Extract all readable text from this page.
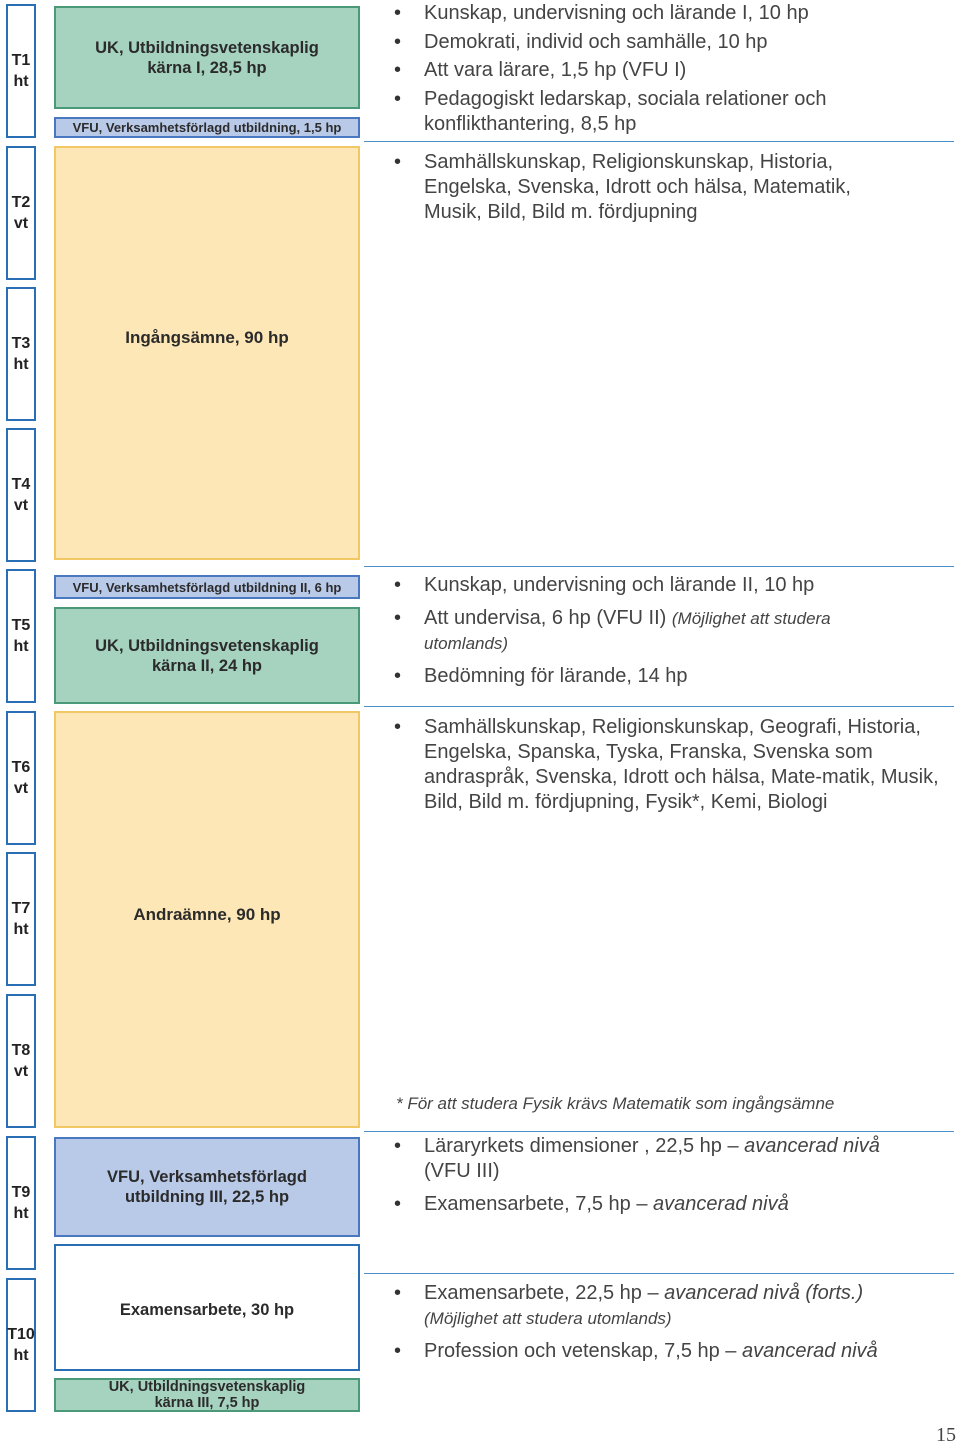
T1
ht
T2
vt
T3
ht
T4
vt
T5
ht
T6
vt
T7
ht
T8
vt
T9
ht
T10
ht
UK, Utbildningsvetenskaplig kärna I, 28,5 hp
VFU, Verksamhetsförlagd utbildning, 1,5 hp
Ingångsämne, 90 hp
VFU, Verksamhetsförlagd utbildning II, 6 hp
UK, Utbildningsvetenskaplig kärna II, 24 hp
Andraämne, 90 hp
VFU, Verksamhetsförlagd utbildning III, 22,5 hp
Examensarbete, 30 hp
UK, Utbildningsvetenskaplig kärna III, 7,5 hp
• Kunskap, undervisning och lärande I, 10 hp
• Demokrati, individ och samhälle, 10 hp
• Att vara lärare, 1,5 hp (VFU I)
• Pedagogiskt ledarskap, sociala relationer och konflikthantering, 8,5 hp
• Samhällskunskap, Religionskunskap, Historia, Engelska, Svenska, Idrott och hälsa, Matematik, Musik, Bild, Bild m. fördjupning
• Kunskap, undervisning och lärande II, 10 hp
• Att undervisa, 6 hp (VFU II) (Möjlighet att studera utomlands)
• Bedömning för lärande, 14 hp
• Samhällskunskap, Religionskunskap, Geografi, Historia, Engelska, Spanska, Tyska, Franska, Svenska som andraspråk, Svenska, Idrott och hälsa, Mate-matik, Musik, Bild, Bild m. fördjupning, Fysik*, Kemi, Biologi
* För att studera Fysik krävs Matematik som ingångsämne
• Läraryrkets dimensioner , 22,5 hp – avancerad nivå
(VFU III)
• Examensarbete, 7,5 hp – avancerad nivå
• Examensarbete, 22,5 hp – avancerad nivå (forts.)
(Möjlighet att studera utomlands)
• Profession och vetenskap, 7,5 hp – avancerad nivå
15
